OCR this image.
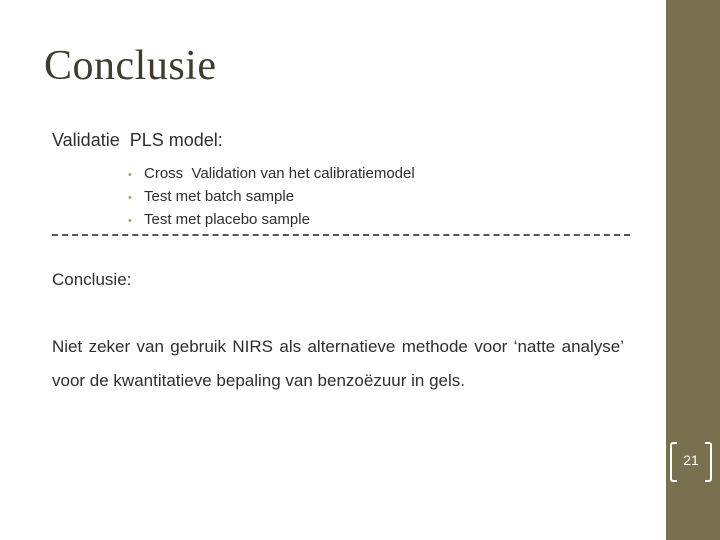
Conclusie
Validatie  PLS model:
• Cross  Validation van het calibratiemodel
• Test met batch sample
• Test met placebo sample
Conclusie:
Niet zeker van gebruik NIRS als alternatieve methode voor ‘natte analyse’ voor de kwantitatieve bepaling van benzoëzuur in gels.
21
